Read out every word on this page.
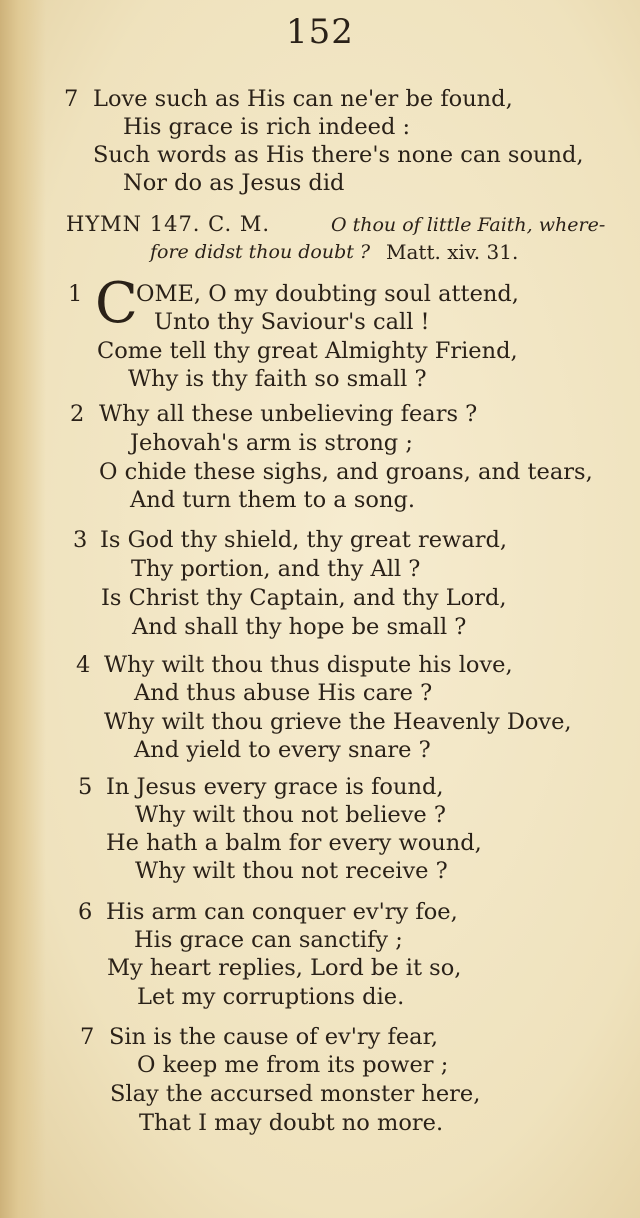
152
7 Love such as His can ne'er be found,
His grace is rich indeed :
Such words as His there's none can sound,
Nor do as Jesus did
HYMN 147. C. M.	O thou of little Faith, where-
fore didst thou doubt ? Matt. xiv. 31.
1 C
OME, O my doubting soul attend,
Unto thy Saviour's call !
Come tell thy great Almighty Friend,
Why is thy faith so small ?
2 Why all these unbelieving fears ?
Jehovah's arm is strong ;
O chide these sighs, and groans, and tears,
And turn them to a song.
3 Is God thy shield, thy great reward,
Thy portion, and thy All ?
Is Christ thy Captain, and thy Lord,
And shall thy hope be small ?
4 Why wilt thou thus dispute his love,
And thus abuse His care ?
Why wilt thou grieve the Heavenly Dove,
And yield to every snare ?
5 In Jesus every grace is found,
Why wilt thou not believe ?
He hath a balm for every wound,
Why wilt thou not receive ?
6 His arm can conquer ev'ry foe,
His grace can sanctify ;
My heart replies, Lord be it so,
Let my corruptions die.
7 Sin is the cause of ev'ry fear,
O keep me from its power ;
Slay the accursed monster here,
That I may doubt no more.
